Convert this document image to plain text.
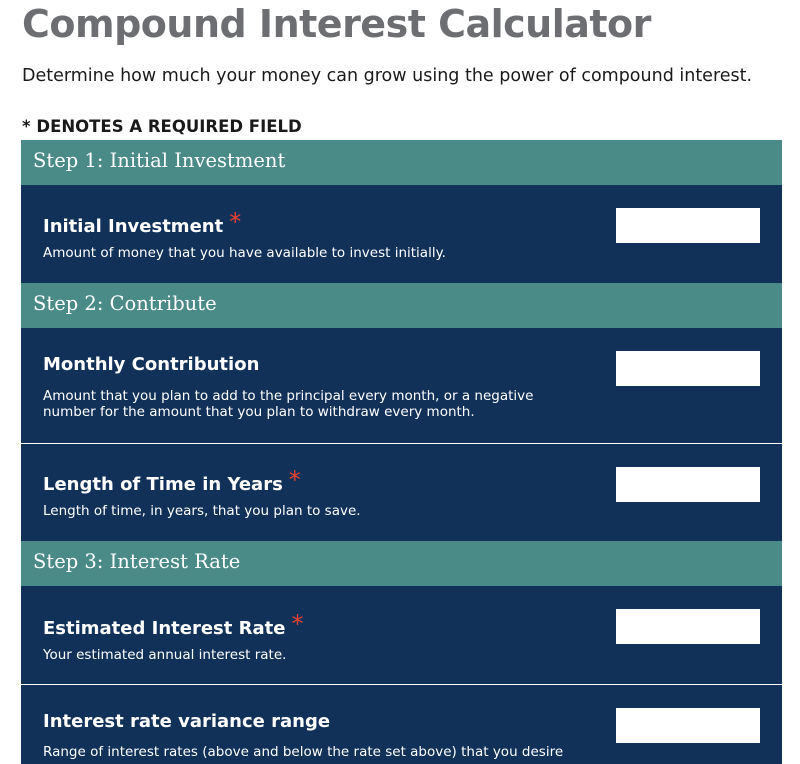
Compound Interest Calculator

Determine how much your money can grow using the power of compound interest.

* DENOTES A REQUIRED FIELD

Step 1: Initial Investment
Initial Investment *
Amount of money that you have available to invest initially.
Step 2: Contribute
Monthly Contribution
Amount that you plan to add to the principal every month, or a negative number for the amount that you plan to withdraw every month.
Length of Time in Years *
Length of time, in years, that you plan to save.
Step 3: Interest Rate
Estimated Interest Rate *
Your estimated annual interest rate.
Interest rate variance range
Range of interest rates (above and below the rate set above) that you desire
